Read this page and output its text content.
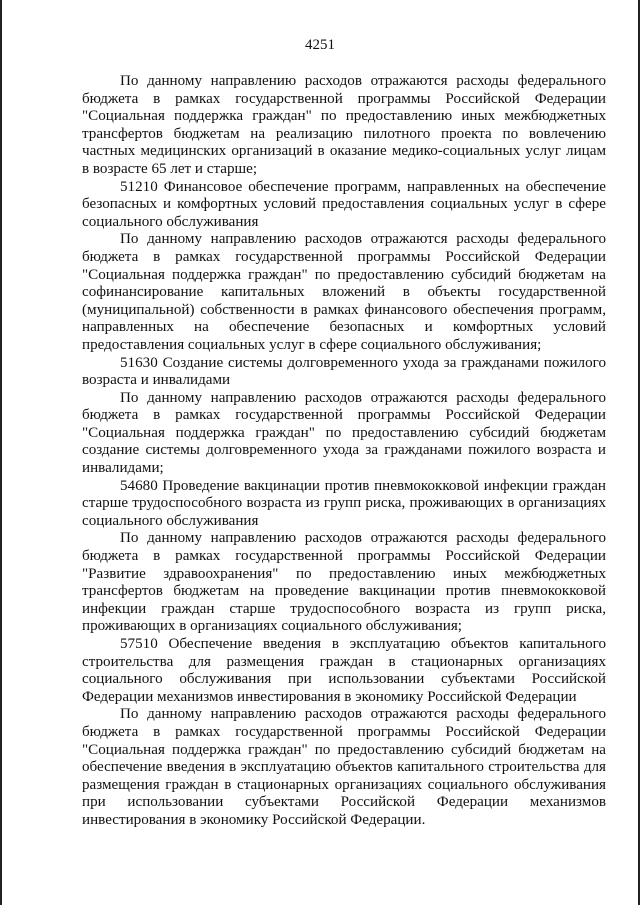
4251

По данному направлению расходов отражаются расходы федерального бюджета в рамках государственной программы Российской Федерации "Социальная поддержка граждан" по предоставлению иных межбюджетных трансфертов бюджетам на реализацию пилотного проекта по вовлечению частных медицинских организаций в оказание медико-социальных услуг лицам в возрасте 65 лет и старше;

51210 Финансовое обеспечение программ, направленных на обеспечение безопасных и комфортных условий предоставления социальных услуг в сфере социального обслуживания

По данному направлению расходов отражаются расходы федерального бюджета в рамках государственной программы Российской Федерации "Социальная поддержка граждан" по предоставлению субсидий бюджетам на софинансирование капитальных вложений в объекты государственной (муниципальной) собственности в рамках финансового обеспечения программ, направленных на обеспечение безопасных и комфортных условий предоставления социальных услуг в сфере социального обслуживания;

51630 Создание системы долговременного ухода за гражданами пожилого возраста и инвалидами

По данному направлению расходов отражаются расходы федерального бюджета в рамках государственной программы Российской Федерации "Социальная поддержка граждан" по предоставлению субсидий бюджетам создание системы долговременного ухода за гражданами пожилого возраста и инвалидами;

54680 Проведение вакцинации против пневмококковой инфекции граждан старше трудоспособного возраста из групп риска, проживающих в организациях социального обслуживания

По данному направлению расходов отражаются расходы федерального бюджета в рамках государственной программы Российской Федерации "Развитие здравоохранения" по предоставлению иных межбюджетных трансфертов бюджетам на проведение вакцинации против пневмококковой инфекции граждан старше трудоспособного возраста из групп риска, проживающих в организациях социального обслуживания;

57510 Обеспечение введения в эксплуатацию объектов капитального строительства для размещения граждан в стационарных организациях социального обслуживания при использовании субъектами Российской Федерации механизмов инвестирования в экономику Российской Федерации

По данному направлению расходов отражаются расходы федерального бюджета в рамках государственной программы Российской Федерации "Социальная поддержка граждан" по предоставлению субсидий бюджетам на обеспечение введения в эксплуатацию объектов капитального строительства для размещения граждан в стационарных организациях социального обслуживания при использовании субъектами Российской Федерации механизмов инвестирования в экономику Российской Федерации.
